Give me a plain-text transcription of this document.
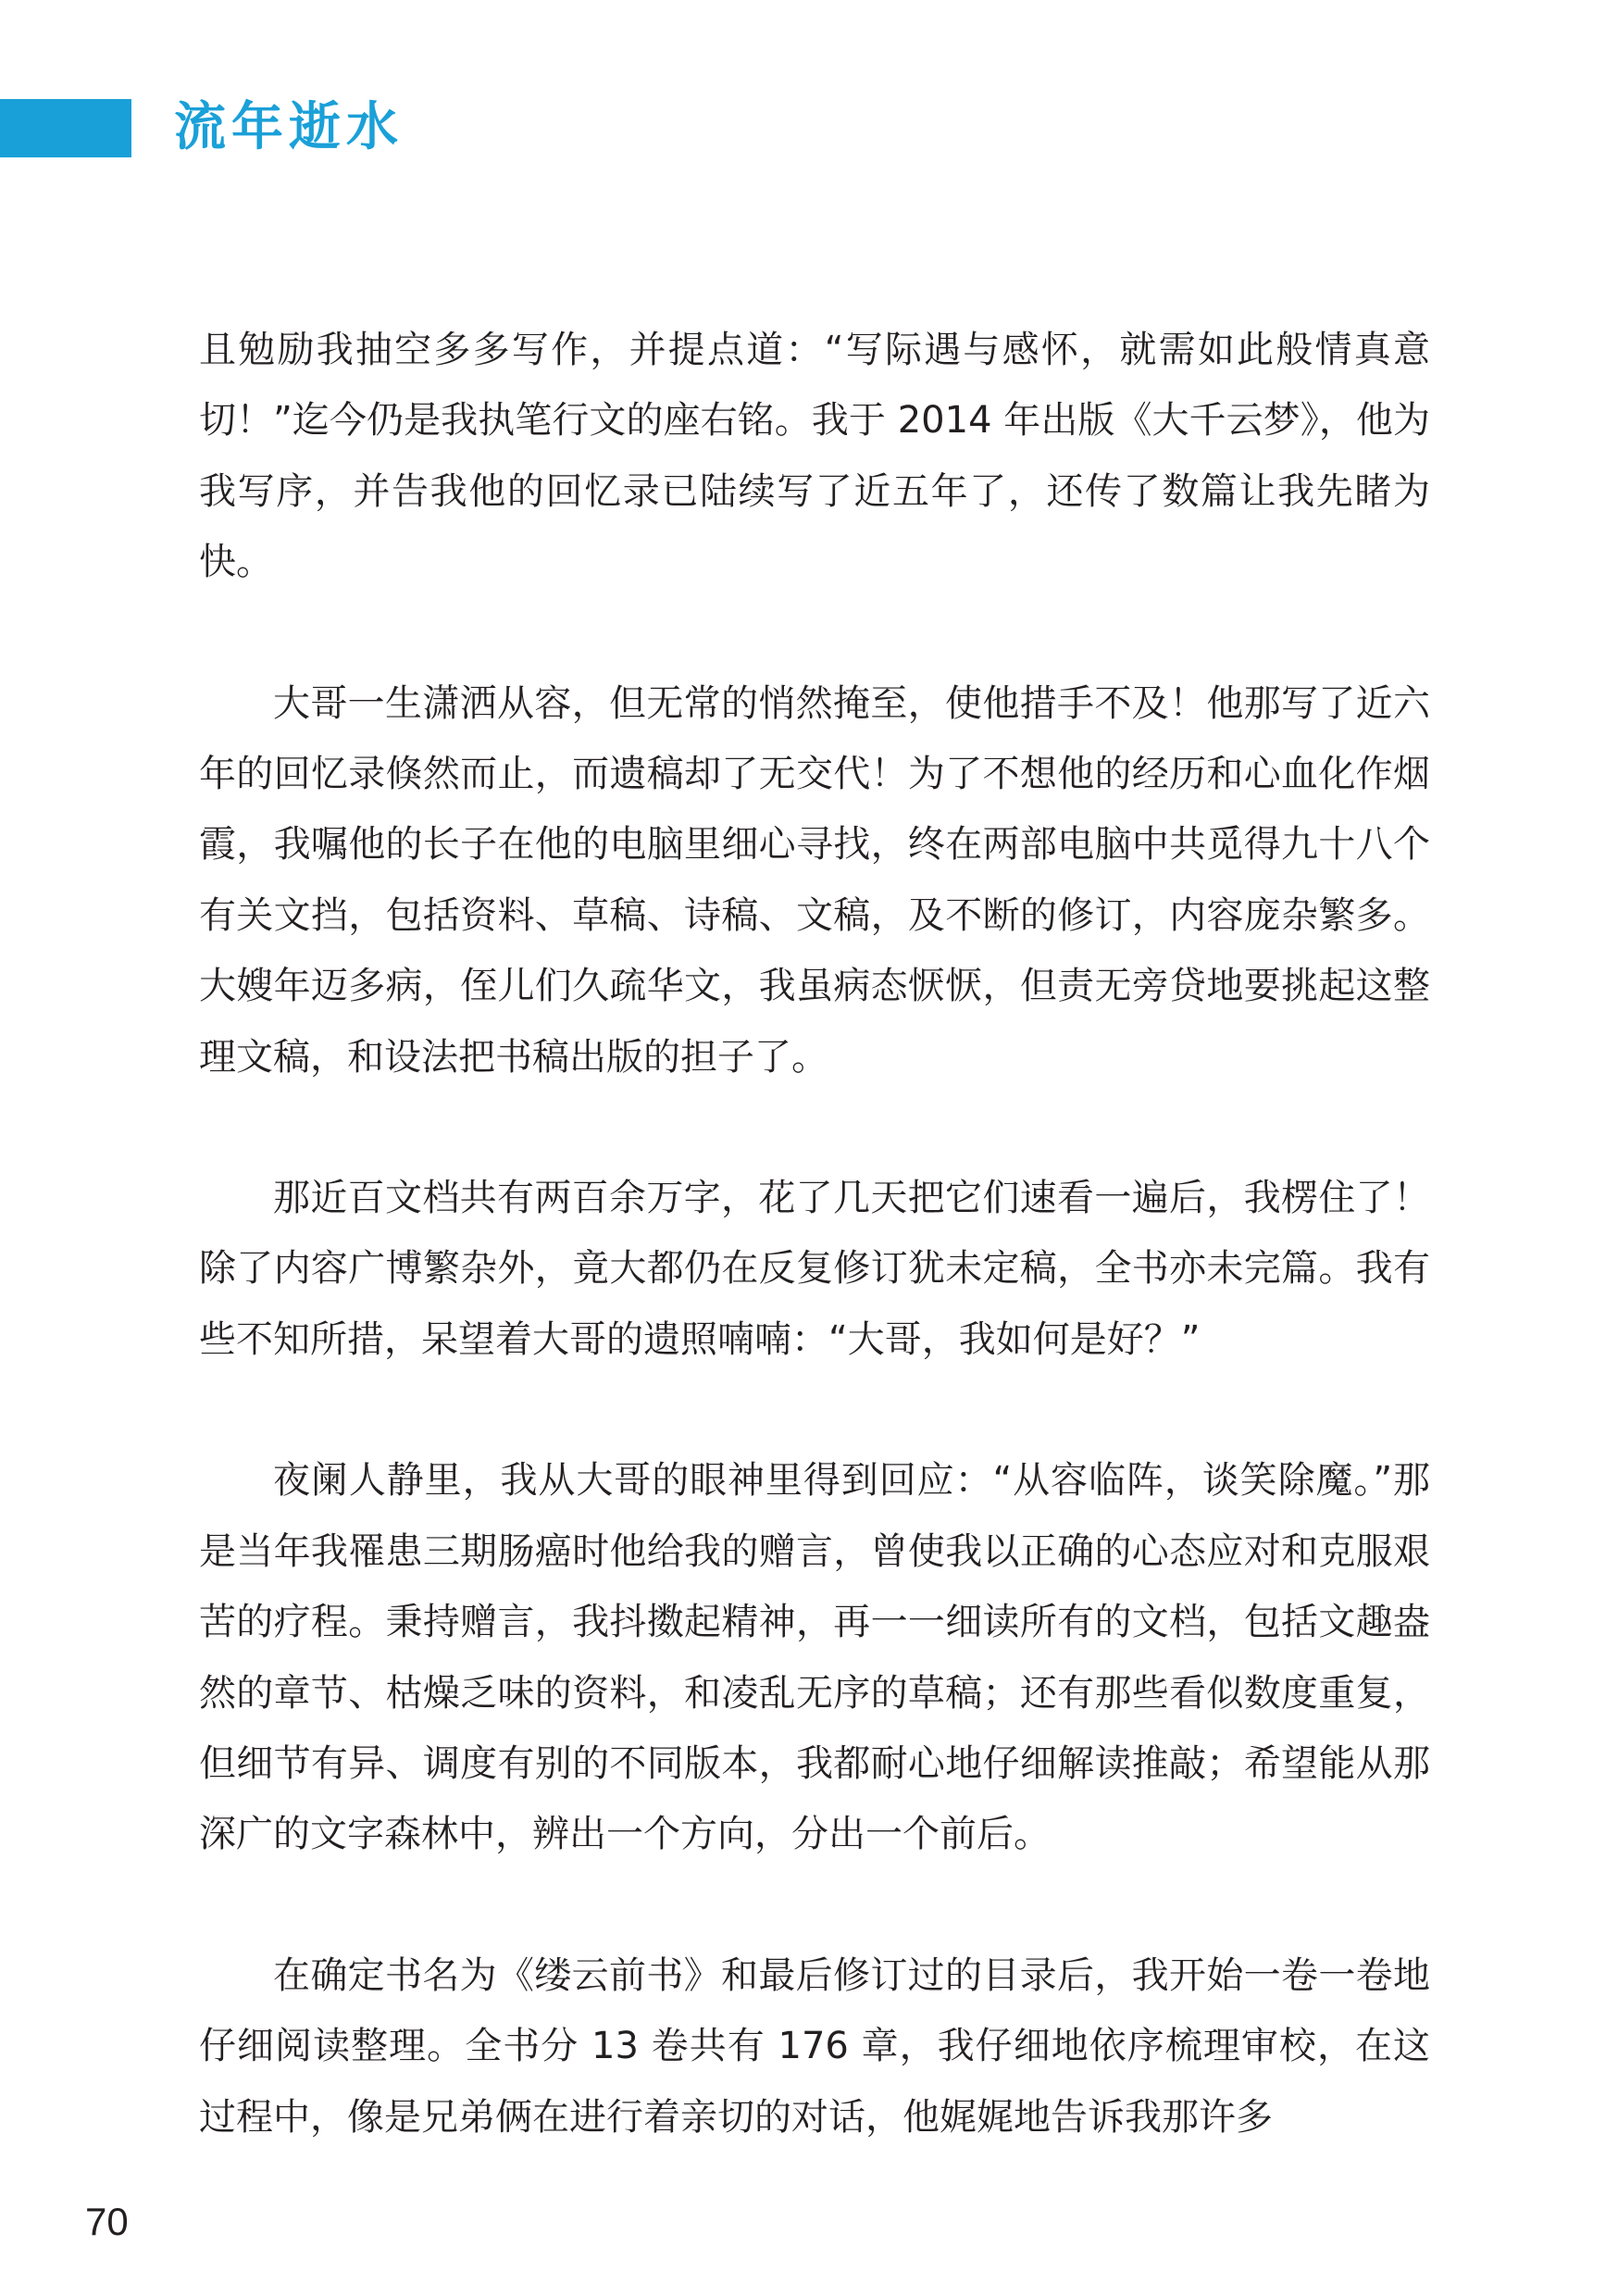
流年逝水

且勉励我抽空多多写作，并提点道：“写际遇与感怀，就需如此般情真意切！”迄今仍是我执笔行文的座右铭。我于 2014 年出版《大千云梦》，他为我写序，并告我他的回忆录已陆续写了近五年了，还传了数篇让我先睹为快。

大哥一生潇洒从容，但无常的悄然掩至，使他措手不及！他那写了近六年的回忆录倏然而止，而遗稿却了无交代！为了不想他的经历和心血化作烟霞，我嘱他的长子在他的电脑里细心寻找，终在两部电脑中共觅得九十八个有关文挡，包括资料、草稿、诗稿、文稿，及不断的修订，内容庞杂繁多。大嫂年迈多病，侄儿们久疏华文，我虽病态恹恹，但责无旁贷地要挑起这整理文稿，和设法把书稿出版的担子了。

那近百文档共有两百余万字，花了几天把它们速看一遍后，我楞住了！除了内容广博繁杂外，竟大都仍在反复修订犹未定稿，全书亦未完篇。我有些不知所措，呆望着大哥的遗照喃喃：“大哥，我如何是好？”

夜阑人静里，我从大哥的眼神里得到回应：“从容临阵，谈笑除魔。”那是当年我罹患三期肠癌时他给我的赠言，曾使我以正确的心态应对和克服艰苦的疗程。秉持赠言，我抖擞起精神，再一一细读所有的文档，包括文趣盎然的章节、枯燥乏味的资料，和凌乱无序的草稿；还有那些看似数度重复，但细节有异、调度有别的不同版本，我都耐心地仔细解读推敲；希望能从那深广的文字森林中，辨出一个方向，分出一个前后。

在确定书名为《缕云前书》和最后修订过的目录后，我开始一卷一卷地仔细阅读整理。全书分 13 卷共有 176 章，我仔细地依序梳理审校，在这过程中，像是兄弟俩在进行着亲切的对话，他娓娓地告诉我那许多

70
